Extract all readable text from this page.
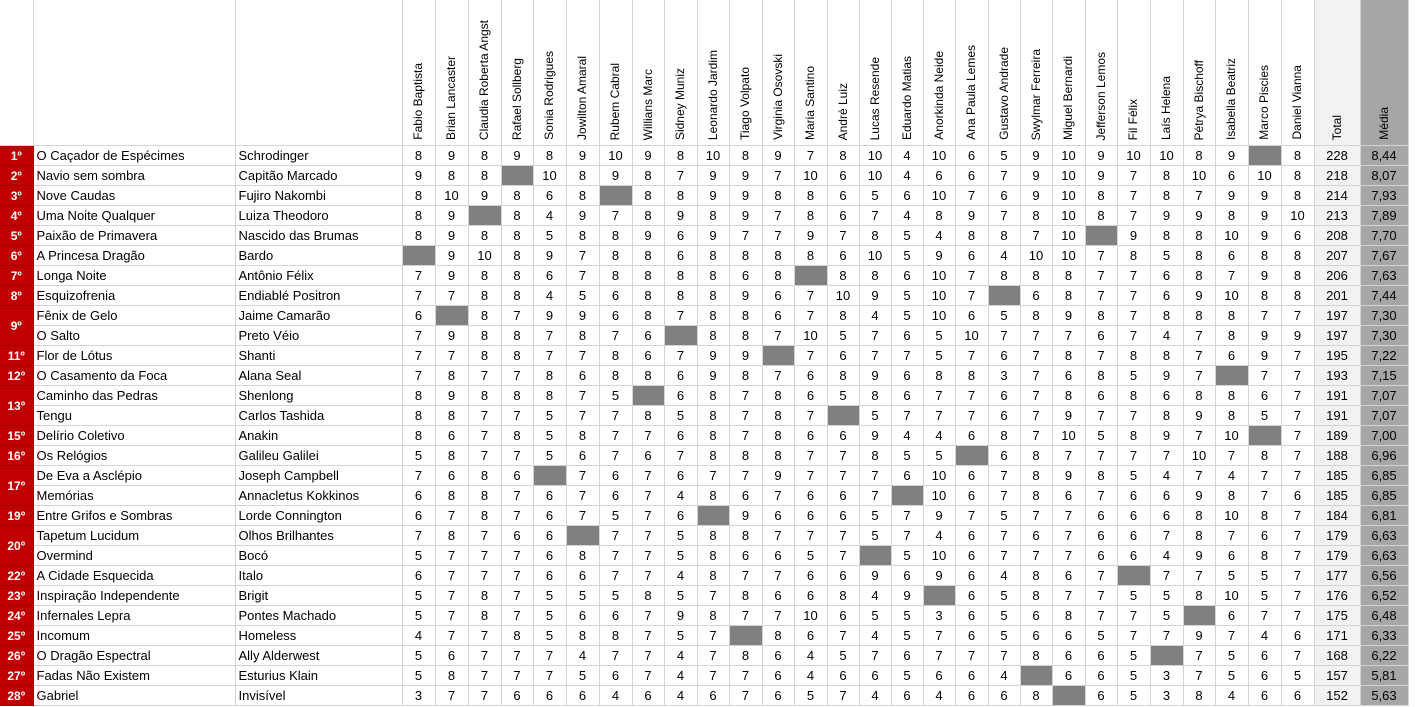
			Fabio Baptista	Brian Lancaster	Claudia Roberta Angst	Rafael Sollberg	Sonia Rodrigues	Jowilton Amaral	Rubem Cabral	Willians Marc	Sidney Muniz	Leonardo Jardim	Tiago Volpato	Virginia Osovski	Maria Santino	André Luiz	Lucas Resende	Eduardo Matias	Anorkinda Neide	Ana Paula Lemes	Gustavo Andrade	Swylmar Ferreira	Miguel Bernardi	Jefferson Lemos	Fil Félix	Laís Helena	Pétrya Bischoff	Isabella Beatriz	Marco Piscies	Daniel Vianna	Total	Média
1º	O Caçador de Espécimes	Schrodinger	8	9	8	9	8	9	10	9	8	10	8	9	7	8	10	4	10	6	5	9	10	9	10	10	8	9		8	228	8,44
2º	Navio sem sombra	Capitão Marcado	9	8	8		10	8	9	8	7	9	9	7	10	6	10	4	6	6	7	9	10	9	7	8	10	6	10	8	218	8,07
3º	Nove Caudas	Fujiro Nakombi	8	10	9	8	6	8		8	8	9	9	8	8	6	5	6	10	7	6	9	10	8	7	8	7	9	9	8	214	7,93
4º	Uma Noite Qualquer	Luiza Theodoro	8	9		8	4	9	7	8	9	8	9	7	8	6	7	4	8	9	7	8	10	8	7	9	9	8	9	10	213	7,89
5º	Paixão de Primavera	Nascido das Brumas	8	9	8	8	5	8	8	9	6	9	7	7	9	7	8	5	4	8	8	7	10		9	8	8	10	9	6	208	7,70
6º	A Princesa Dragão	Bardo		9	10	8	9	7	8	8	6	8	8	8	8	6	10	5	9	6	4	10	10	7	8	5	8	6	8	8	207	7,67
7º	Longa Noite	Antônio Félix	7	9	8	8	6	7	8	8	8	8	6	8		8	8	6	10	7	8	8	8	7	7	6	8	7	9	8	206	7,63
8º	Esquizofrenia	Endiablé Positron	7	7	8	8	4	5	6	8	8	8	9	6	7	10	9	5	10	7		6	8	7	7	6	9	10	8	8	201	7,44
9º	Fênix de Gelo	Jaime Camarão	6		8	7	9	9	6	8	7	8	8	6	7	8	4	5	10	6	5	8	9	8	7	8	8	8	7	7	197	7,30
	O Salto	Preto Véio	7	9	8	8	7	8	7	6		8	8	7	10	5	7	6	5	10	7	7	7	6	7	4	7	8	9	9	197	7,30
11º	Flor de Lótus	Shanti	7	7	8	8	7	7	8	6	7	9	9		7	6	7	7	5	7	6	7	8	7	8	8	7	6	9	7	195	7,22
12º	O Casamento da Foca	Alana Seal	7	8	7	7	8	6	8	8	6	9	8	7	6	8	9	6	8	8	3	7	6	8	5	9	7		7	7	193	7,15
13º	Caminho das Pedras	Shenlong	8	9	8	8	8	7	5		6	8	7	8	6	5	8	6	7	7	6	7	8	6	8	6	8	8	6	7	191	7,07
	Tengu	Carlos Tashida	8	8	7	7	5	7	7	8	5	8	7	8	7		5	7	7	7	6	7	9	7	7	8	9	8	5	7	191	7,07
15º	Delírio Coletivo	Anakin	8	6	7	8	5	8	7	7	6	8	7	8	6	6	9	4	4	6	8	7	10	5	8	9	7	10		7	189	7,00
16º	Os Relógios	Galileu Galilei	5	8	7	7	5	6	7	6	7	8	8	8	7	7	8	5	5		6	8	7	7	7	7	10	7	8	7	188	6,96
17º	De Eva a Asclépio	Joseph Campbell	7	6	8	6		7	6	7	6	7	7	9	7	7	7	6	10	6	7	8	9	8	5	4	7	4	7	7	185	6,85
	Memórias	Annacletus Kokkinos	6	8	8	7	6	7	6	7	4	8	6	7	6	6	7		10	6	7	8	6	7	6	6	9	8	7	6	185	6,85
19º	Entre Grifos e Sombras	Lorde Connington	6	7	8	7	6	7	5	7	6		9	6	6	6	5	7	9	7	5	7	7	6	6	6	8	10	8	7	184	6,81
20º	Tapetum Lucidum	Olhos Brilhantes	7	8	7	6	6		7	7	5	8	8	7	7	7	5	7	4	6	7	6	7	6	6	7	8	7	6	7	179	6,63
	Overmind	Bocó	5	7	7	7	6	8	7	7	5	8	6	6	5	7		5	10	6	7	7	7	6	6	4	9	6	8	7	179	6,63
22º	A Cidade Esquecida	Italo	6	7	7	7	6	6	7	7	4	8	7	7	6	6	9	6	9	6	4	8	6	7		7	7	5	5	7	177	6,56
23º	Inspiração Independente	Brigit	5	7	8	7	5	5	5	8	5	7	8	6	6	8	4	9		6	5	8	7	7	5	5	8	10	5	7	176	6,52
24º	Infernales Lepra	Pontes Machado	5	7	8	7	5	6	6	7	9	8	7	7	10	6	5	5	3	6	5	6	8	7	7	5		6	7	7	175	6,48
25º	Incomum	Homeless	4	7	7	8	5	8	8	7	5	7		8	6	7	4	5	7	6	5	6	6	5	7	7	9	7	4	6	171	6,33
26º	O Dragão Espectral	Ally Alderwest	5	6	7	7	7	4	7	7	4	7	8	6	4	5	7	6	7	7	7	8	6	6	5		7	5	6	7	168	6,22
27º	Fadas Não Existem	Esturius Klain	5	8	7	7	7	5	6	7	4	7	7	6	4	6	6	5	6	6	4		6	6	5	3	7	5	6	5	157	5,81
28º	Gabriel	Invisível	3	7	7	6	6	6	4	6	4	6	7	6	5	7	4	6	4	6	6	8		6	5	3	8	4	6	6	152	5,63
